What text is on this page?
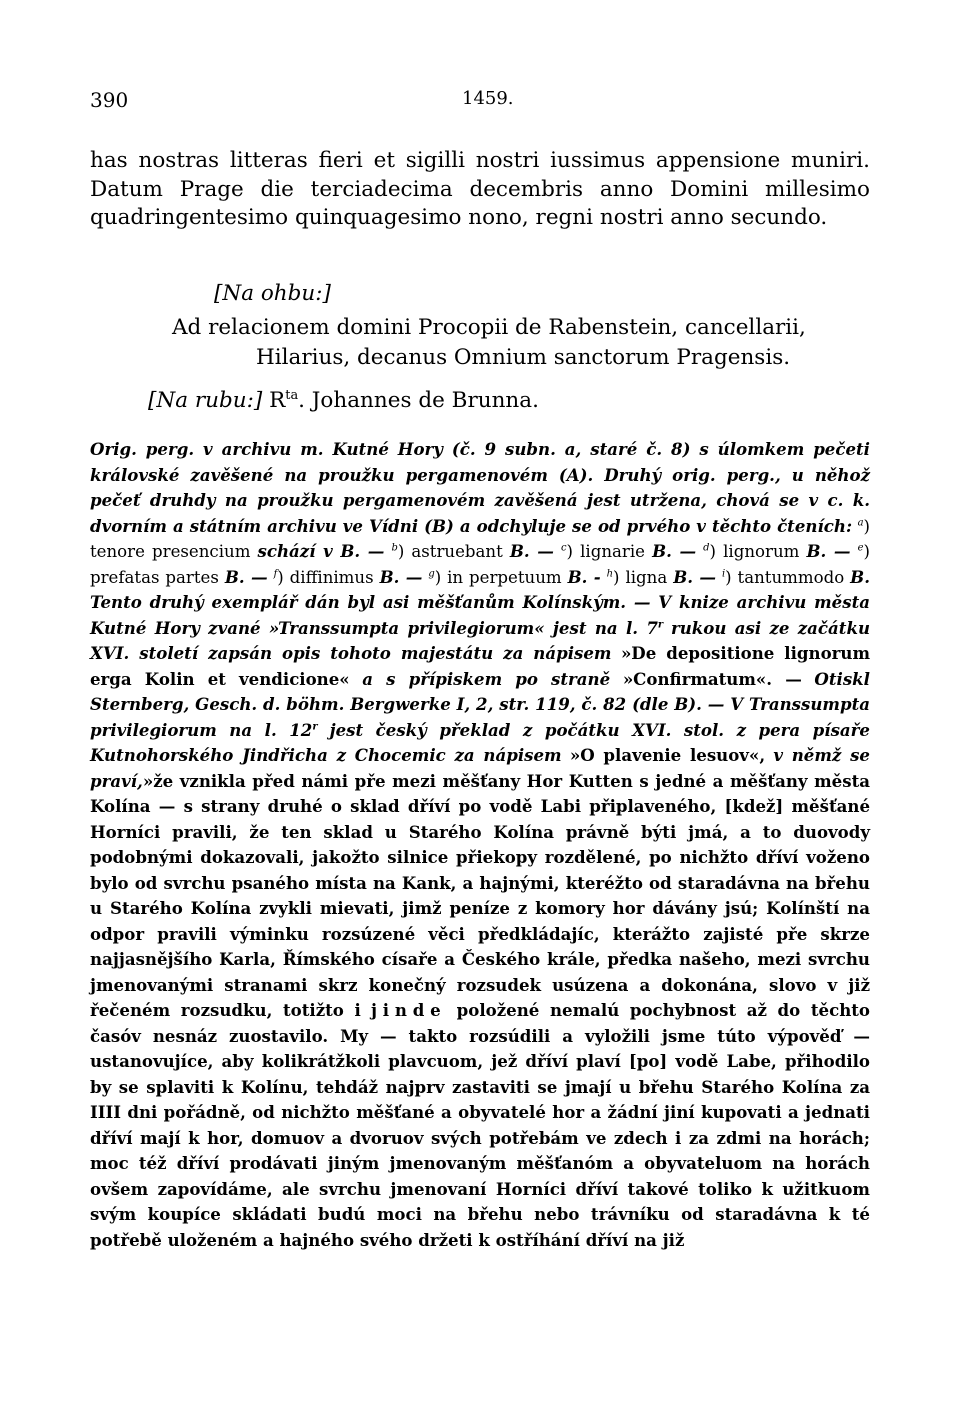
390	1459.
has nostras litteras fieri et sigilli nostri iussimus appensione muniri. Datum Prage die terciadecima decembris anno Domini millesimo quadringentesimo quinquagesimo nono, regni nostri anno secundo.
[Na ohbu:]
Ad relacionem domini Procopii de Rabenstein, cancellarii,
Hilarius, decanus Omnium sanctorum Pragensis.
[Na rubu:] $R^{ta}$. Johannes de Brunna.
Orig. perg. v archivu m. Kutné Hory (č. 9 subn. a, staré č. 8) s úlomkem pečeti královské zavěšené na proužku pergamenovém (A). Druhý orig. perg., u něhož pečeť druhdy na proužku pergamenovém zavěšená jest utržena, chová se v c. k. dvorním a státním archivu ve Vídni (B) a odchyluje se od prvého v těchto čteních: $^a$) tenore presencium schází v B. — $^b$) astruebant B. — $^c$) lignarie B. — $^d$) lignorum B. — $^e$) prefatas partes B. — $^f$) diffinimus B. — $^g$) in perpetuum B. - $^h$) ligna B. — $^i$) tantummodo B. Tento druhý exemplář dán byl asi měšťanům Kolínským. — V knize archivu města Kutné Hory zvané »Transsumpta privilegiorum« jest na l. 7$^r$ rukou asi ze začátku XVI. století zapsán opis tohoto majestátu za nápisem »De depositione lignorum erga Kolin et vendicione« a s přípiskem po straně »Confirmatum«. — Otiskl Sternberg, Gesch. d. böhm. Bergwerke I, 2, str. 119, č. 82 (dle B). — V Transsumpta privilegiorum na l. 12$^r$ jest český překlad z počátku XVI. stol. z pera písaře Kutnohorského Jindřicha z Chocemic za nápisem »O plavenie lesuov«, v němž se praví,»že vznikla před námi pře mezi měšťany Hor Kutten s jedné a měšťany města Kolína — s strany druhé o sklad dříví po vodě Labi připlaveného, [kdež] měšťané Horníci pravili, že ten sklad u Starého Kolína právně býti jmá, a to duovody podobnými dokazovali, jakožto silnice přiekopy rozdělené, po nichžto dříví voženo bylo od svrchu psaného místa na Kank, a hajnými, kteréžto od staradávna na břehu u Starého Kolína zvykli mievati, jimž peníze z komory hor dávány jsú; Kolínští na odpor pravili výminku rozsúzené věci předkládajíc, kterážto zajisté pře skrze najjasnějšího Karla, Římského císaře a Českého krále, předka našeho, mezi svrchu jmenovanými stranami skrz konečný rozsudek usúzena a dokonána, slovo v již řečeném rozsudku, totižto i jinde položené nemalú pochybnost až do těchto časóv nesnáz zuostavilo. My — takto rozsúdili a vyložili jsme túto výpověď — ustanovujíce, aby kolikrátžkoli plavcuom, jež dříví plaví [po] vodě Labe, přihodilo by se splaviti k Kolínu, tehdáž najprv zastaviti se jmají u břehu Starého Kolína za IIII dni pořádně, od nichžto měšťané a obyvatelé hor a žádní jiní kupovati a jednati dříví mají k hor, domuov a dvoruov svých potřebám ve zdech i za zdmi na horách; moc též dříví prodávati jiným jmenovaným měšťanóm a obyvateluom na horách ovšem zapovídáme, ale svrchu jmenovaní Horníci dříví takové toliko k užitkuom svým koupíce skládati budú moci na břehu nebo trávníku od staradávna k té potřebě uloženém a hajného svého držeti k ostříhání dříví na již
